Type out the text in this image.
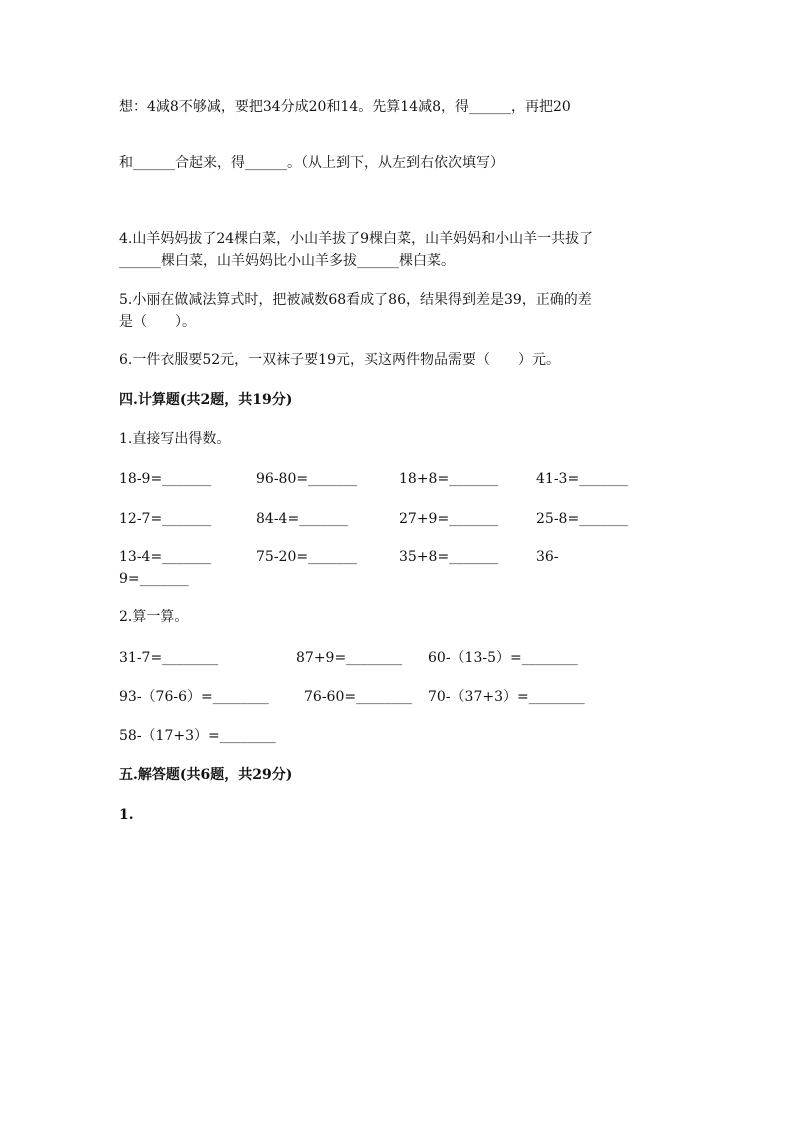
想：4减8不够减，要把34分成20和14。先算14减8，得______，再把20
和______合起来，得______。（从上到下，从左到右依次填写）
4.山羊妈妈拔了24棵白菜，小山羊拔了9棵白菜，山羊妈妈和小山羊一共拔了
______棵白菜，山羊妈妈比小山羊多拔______棵白菜。
5.小丽在做减法算式时，把被减数68看成了86，结果得到差是39，正确的差
是（　　）。
6.一件衣服要52元，一双袜子要19元，买这两件物品需要（　　）元。
四.计算题(共2题，共19分)
1.直接写出得数。
18-9=_______	96-80=_______	18+8=_______	41-3=_______
12-7=_______	84-4=_______	27+9=_______	25-8=_______
13-4=_______	75-20=_______	35+8=_______	36-
9=_______
2.算一算。
31-7=________	87+9=________ 60-（13-5）=________
93-（76-6）=________	76-60=________ 70-（37+3）=________
58-（17+3）=________
五.解答题(共6题，共29分)
1.
